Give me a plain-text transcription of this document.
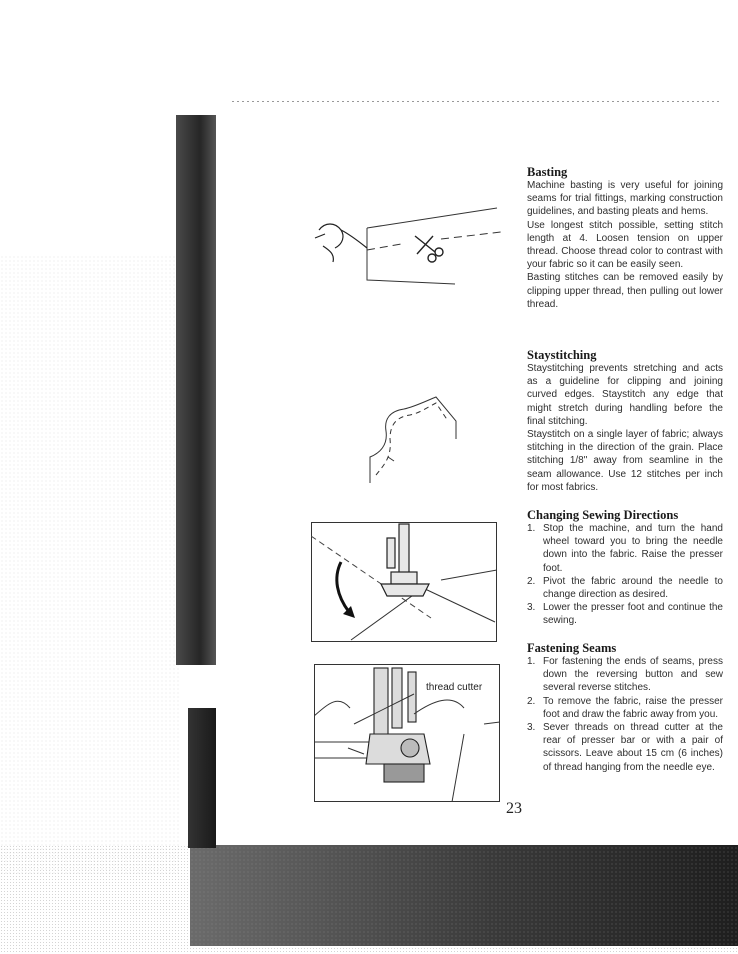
thread cutter
Basting

Machine basting is very useful for joining seams for trial fittings, marking construction guidelines, and basting pleats and hems.

Use longest stitch possible, setting stitch length at 4. Loosen tension on upper thread. Choose thread color to contrast with your fabric so it can be easily seen.

Basting stitches can be removed easily by clipping upper thread, then pulling out lower thread.

Staystitching

Staystitching prevents stretching and acts as a guideline for clipping and joining curved edges. Staystitch any edge that might stretch during handling before the final stitching.

Staystitch on a single layer of fabric; always stitching in the direction of the grain. Place stitching 1/8" away from seamline in the seam allowance. Use 12 stitches per inch for most fabrics.

Changing Sewing Directions
1. Stop the machine, and turn the hand wheel toward you to bring the needle down into the fabric. Raise the presser foot.
2. Pivot the fabric around the needle to change direction as desired.
3. Lower the presser foot and continue the sewing.
Fastening Seams
1. For fastening the ends of seams, press down the reversing button and sew several reverse stitches.
2. To remove the fabric, raise the presser foot and draw the fabric away from you.
3. Sever threads on thread cutter at the rear of presser bar or with a pair of scissors. Leave about 15 cm (6 inches) of thread hanging from the needle eye.
23
